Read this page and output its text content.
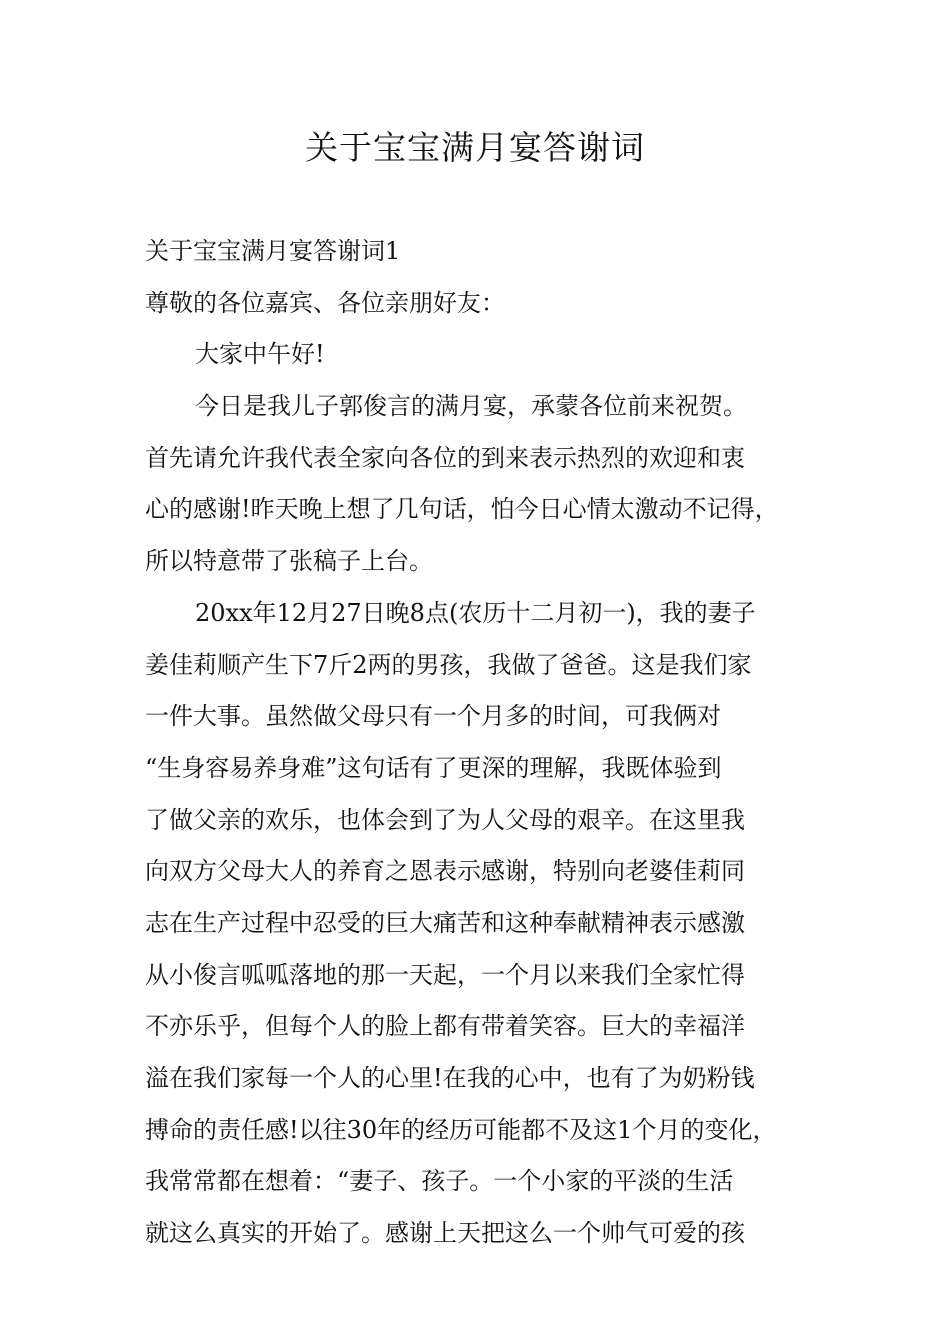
关于宝宝满月宴答谢词

关于宝宝满月宴答谢词1

尊敬的各位嘉宾、各位亲朋好友：

大家中午好!

今日是我儿子郭俊言的满月宴，承蒙各位前来祝贺。

首先请允许我代表全家向各位的到来表示热烈的欢迎和衷

心的感谢!昨天晚上想了几句话，怕今日心情太激动不记得，

所以特意带了张稿子上台。

20xx年12月27日晚8点(农历十二月初一)，我的妻子

姜佳莉顺产生下7斤2两的男孩，我做了爸爸。这是我们家

一件大事。虽然做父母只有一个月多的时间，可我俩对

“生身容易养身难”这句话有了更深的理解，我既体验到

了做父亲的欢乐，也体会到了为人父母的艰辛。在这里我

向双方父母大人的养育之恩表示感谢，特别向老婆佳莉同

志在生产过程中忍受的巨大痛苦和这种奉献精神表示感激

从小俊言呱呱落地的那一天起，一个月以来我们全家忙得

不亦乐乎，但每个人的脸上都有带着笑容。巨大的幸福洋

溢在我们家每一个人的心里!在我的心中，也有了为奶粉钱

搏命的责任感!以往30年的经历可能都不及这1个月的变化，

我常常都在想着：“妻子、孩子。一个小家的平淡的生活

就这么真实的开始了。感谢上天把这么一个帅气可爱的孩
